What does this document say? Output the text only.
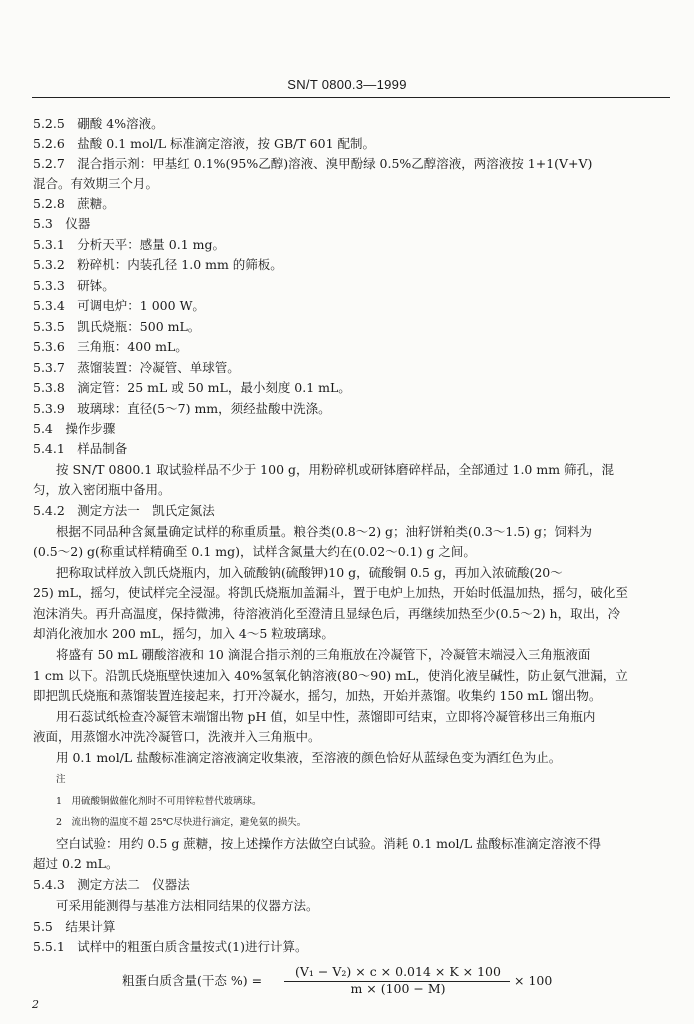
SN/T 0800.3—1999
5.2.5　硼酸 4%溶液。
5.2.6　盐酸 0.1 mol/L 标准滴定溶液，按 GB/T 601 配制。
5.2.7　混合指示剂：甲基红 0.1%(95%乙醇)溶液、溴甲酚绿 0.5%乙醇溶液，两溶液按 1+1(V+V)
混合。有效期三个月。
5.2.8　蔗糖。
5.3　仪器
5.3.1　分析天平：感量 0.1 mg。
5.3.2　粉碎机：内装孔径 1.0 mm 的筛板。
5.3.3　研钵。
5.3.4　可调电炉：1 000 W。
5.3.5　凯氏烧瓶：500 mL。
5.3.6　三角瓶：400 mL。
5.3.7　蒸馏装置：冷凝管、单球管。
5.3.8　滴定管：25 mL 或 50 mL，最小刻度 0.1 mL。
5.3.9　玻璃球：直径(5～7) mm，须经盐酸中洗涤。
5.4　操作步骤
5.4.1　样品制备
按 SN/T 0800.1 取试验样品不少于 100 g，用粉碎机或研钵磨碎样品，全部通过 1.0 mm 筛孔，混
匀，放入密闭瓶中备用。
5.4.2　测定方法一　凯氏定氮法
根据不同品种含氮量确定试样的称重质量。粮谷类(0.8～2) g；油籽饼粕类(0.3～1.5) g；饲料为
(0.5～2) g(称重试样精确至 0.1 mg)，试样含氮量大约在(0.02～0.1) g 之间。
把称取试样放入凯氏烧瓶内，加入硫酸钠(硫酸钾)10 g，硫酸铜 0.5 g，再加入浓硫酸(20～
25) mL，摇匀，使试样完全浸湿。将凯氏烧瓶加盖漏斗，置于电炉上加热，开始时低温加热，摇匀，破化至
泡沫消失。再升高温度，保持微沸，待溶液消化至澄清且显绿色后，再继续加热至少(0.5～2) h，取出，冷
却消化液加水 200 mL，摇匀，加入 4～5 粒玻璃球。
将盛有 50 mL 硼酸溶液和 10 滴混合指示剂的三角瓶放在冷凝管下，冷凝管末端浸入三角瓶液面
1 cm 以下。沿凯氏烧瓶壁快速加入 40%氢氧化钠溶液(80～90) mL，使消化液呈碱性，防止氨气泄漏，立
即把凯氏烧瓶和蒸馏装置连接起来，打开冷凝水，摇匀，加热，开始并蒸馏。收集约 150 mL 馏出物。
用石蕊试纸检查冷凝管末端馏出物 pH 值，如呈中性，蒸馏即可结束，立即将冷凝管移出三角瓶内
液面，用蒸馏水冲洗冷凝管口，洗液并入三角瓶中。
用 0.1 mol/L 盐酸标准滴定溶液滴定收集液，至溶液的颜色恰好从蓝绿色变为酒红色为止。
注
1　用硫酸铜做催化剂时不可用锌粒替代玻璃球。
2　流出物的温度不超 25℃尽快进行滴定，避免氨的损失。
空白试验：用约 0.5 g 蔗糖，按上述操作方法做空白试验。消耗 0.1 mol/L 盐酸标准滴定溶液不得
超过 0.2 mL。
5.4.3　测定方法二　仪器法
可采用能测得与基准方法相同结果的仪器方法。
5.5　结果计算
5.5.1　试样中的粗蛋白质含量按式(1)进行计算。
粗蛋白质含量(干态 %) =
(V₁ − V₂) × c × 0.014 × K × 100
m × (100 − M)
× 100
2
